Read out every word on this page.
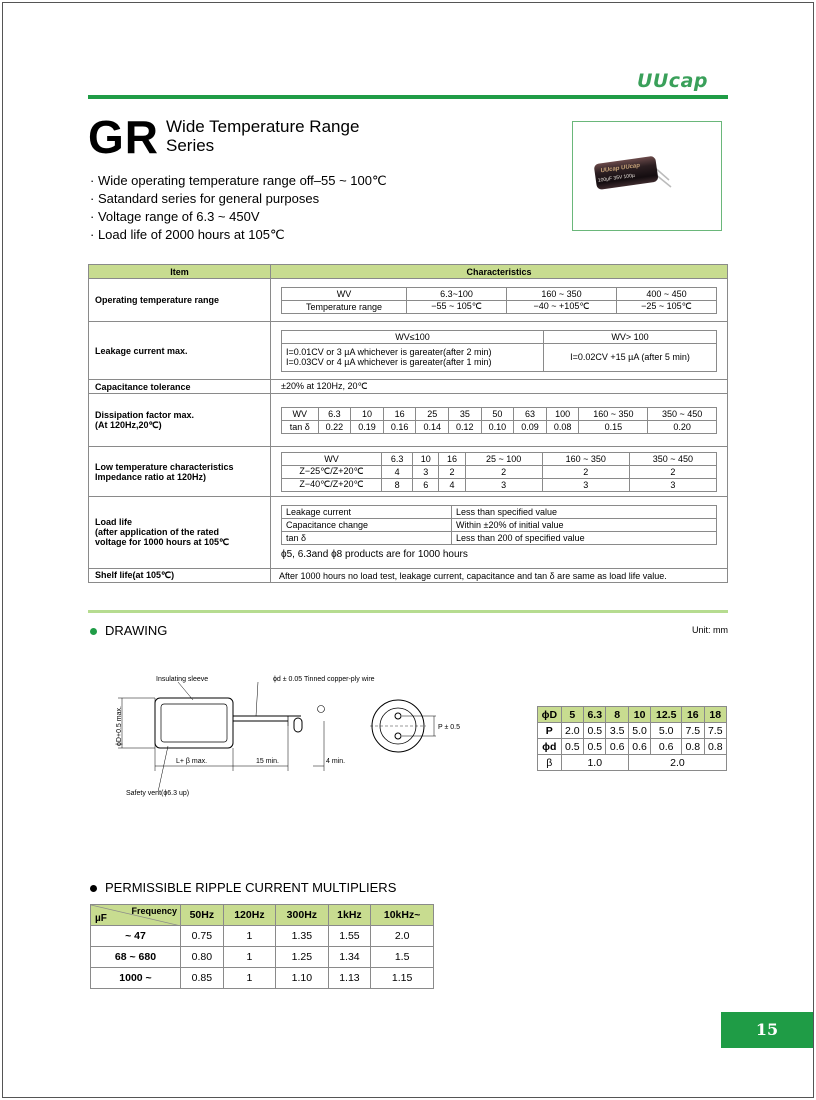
UUcap
GR Wide Temperature Range
Series
UUcap UUcap
100µF 35V 100µ
· Wide operating temperature range off–55 ~ 100℃
· Satandard series for general purposes
· Voltage range of 6.3 ~ 450V
· Load life of 2000 hours at 105℃
Item	Characteristics
Operating temperature range	
WV	6.3~100	160 ~ 350	400 ~ 450
Temperature range	−55 ~ 105℃	−40 ~ +105℃	−25 ~ 105℃

Leakage current max.	
WV≤100	WV> 100

I=0.01CV or 3 µA whichever is gareater(after 2 min)
I=0.03CV or 4 µA whichever is gareater(after 1 min)	I=0.02CV +15 µA (after 5 min)

Capacitance tolerance	±20% at 120Hz, 20℃

Dissipation factor max.
(At 120Hz,20℃)

WV	6.3	10	16	25	35	50	63	100	160 ~ 350	350 ~ 450
tan δ	0.22	0.19	0.16	0.14	0.12	0.10	0.09	0.08	0.15	0.20

Low temperature characteristics
Impedance ratio at 120Hz)

WV	6.3	10	16	25 ~ 100	160 ~ 350	350 ~ 450
Z−25℃/Z+20℃	4	3	2	2	2	2
Z−40℃/Z+20℃	8	6	4	3	3	3

Load life
(after application of the rated
voltage for 1000 hours at 105℃

Leakage current	Less than specified value
Capacitance change	Within ±20% of initial value
tan δ	Less than 200 of specified value
ϕ5, 6.3and ϕ8 products are for 1000 hours

Shelf life(at 105℃)	After 1000 hours no load test, leakage current, capacitance and tan δ are same as load life value.
DRAWING	Unit: mm
Insulating sleeve	ϕd ± 0.05 Tinned copper-ply wire
ϕD+0.5 max.
L+ β max.	15 min.	4 min.
Safety vent(ϕ6.3 up)
P ± 0.5
ϕD	5	6.3	8	10	12.5	16	18
P	2.0	0.5	3.5	5.0	5.0	7.5	7.5
ϕd	0.5	0.5	0.6	0.6	0.6	0.8	0.8
β	1.0			2.0			
PERMISSIBLE RIPPLE CURRENT MULTIPLIERS
Frequency
µF	50Hz	120Hz	300Hz	1kHz	10kHz~
~ 47	0.75	1	1.35	1.55	2.0
68 ~ 680	0.80	1	1.25	1.34	1.5
1000 ~	0.85	1	1.10	1.13	1.15
15
